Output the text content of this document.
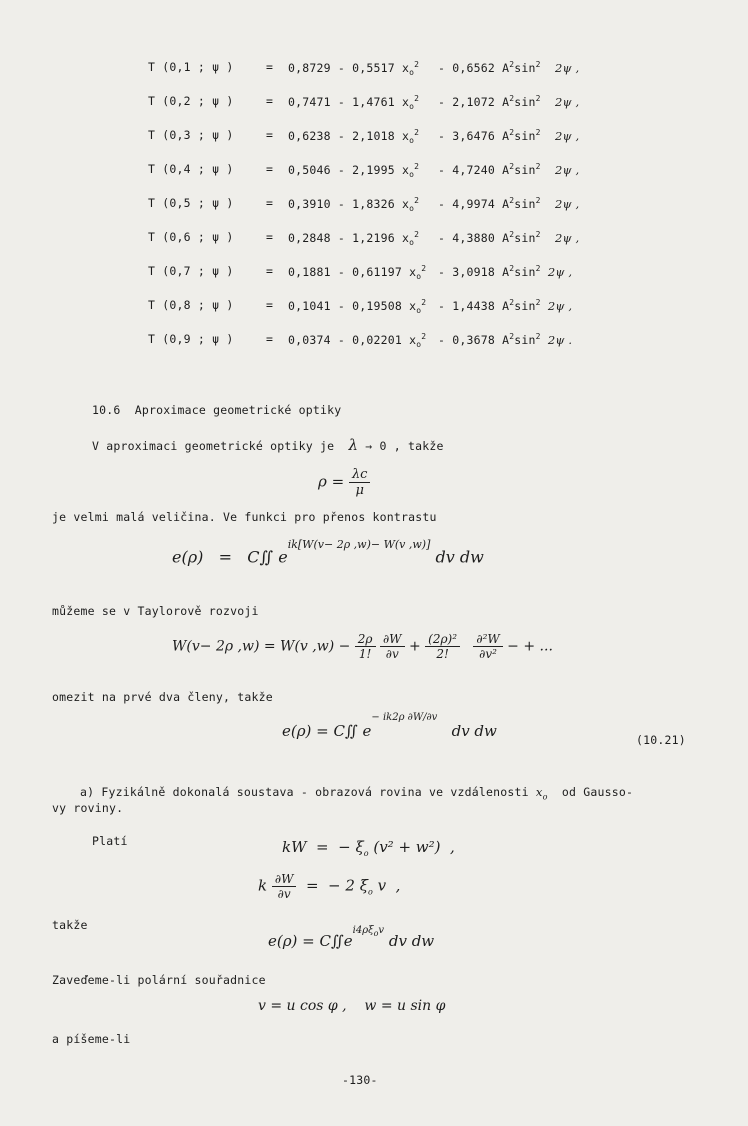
T (0,1 ; ψ )	= 0,8729 - 0,5517 $x_o^2 - 0,6562$ $A^2\sin^2$ 2ψ ,
T (0,2 ; ψ )	= 0,7471 - 1,4761 $x_o^2 - 2,1072$ $A^2\sin^2$ 2ψ ,
T (0,3 ; ψ )	= 0,6238 - 2,1018 $x_o^2 - 3,6476$ $A^2\sin^2$ 2ψ ,
T (0,4 ; ψ )	= 0,5046 - 2,1995 $x_o^2 - 4,7240$ $A^2\sin^2$ 2ψ ,
T (0,5 ; ψ )	= 0,3910 - 1,8326 $x_o^2 - 4,9974$ $A^2\sin^2$ 2ψ ,
T (0,6 ; ψ )	= 0,2848 - 1,2196 $x_o^2 - 4,3880$ $A^2\sin^2$ 2ψ ,
T (0,7 ; ψ )	= 0,1881 - 0,61197 $x_o^2 - 3,0918$ $A^2\sin^2$ 2ψ ,
T (0,8 ; ψ )	= 0,1041 - 0,19508 $x_o^2 - 1,4438$ $A^2\sin^2$ 2ψ ,
T (0,9 ; ψ )	= 0,0374 - 0,02201 $x_o^2 - 0,3678$ $A^2\sin^2$ 2ψ .
10.6 Aproximace geometrické optiky
V aproximaci geometrické optiky je λ → 0 , takže
$\rho = \frac{\lambda c}{\mu}$
je velmi malá veličina. Ve funkci pro přenos kontrastu
e(ρ)   =   C∬ $e^{ik[W(v- 2\rho ,w)- W(v ,w)]}$ dv dw
můžeme se v Taylorově rozvoji
W(v− 2ρ ,w) = W(v $,w) - \frac{2\rho}{1!}$
$\frac{\partial W}{\partial v} + \frac{\text{(2ρ)²}}{2!}$
$\frac{\text{∂²W}}{\text{∂v²}}$ − + ...
omezit na prvé dva členy, takže
e(ρ) = C∬ $e^{- ik2\rho \partial W/\partial v}$   dv dw	(10.21)
a) Fyzikálně dokonalá soustava - obrazová rovina ve vzdálenosti $x_o$ od Gausso-
vy roviny.
Platí	kW  =  − $\xi_o$ (v² + w²)  ,
k $\frac{\partial W}{\partial v}$ =  − 2 $\xi_o$ v  ,
takže
$e(\rho) = C∬e^{i4\rho\xi_ov}$ dv dw
Zaveďeme-li polární souřadnice
v = u cos φ ,    w = u sin φ
a píšeme-li
-130-
